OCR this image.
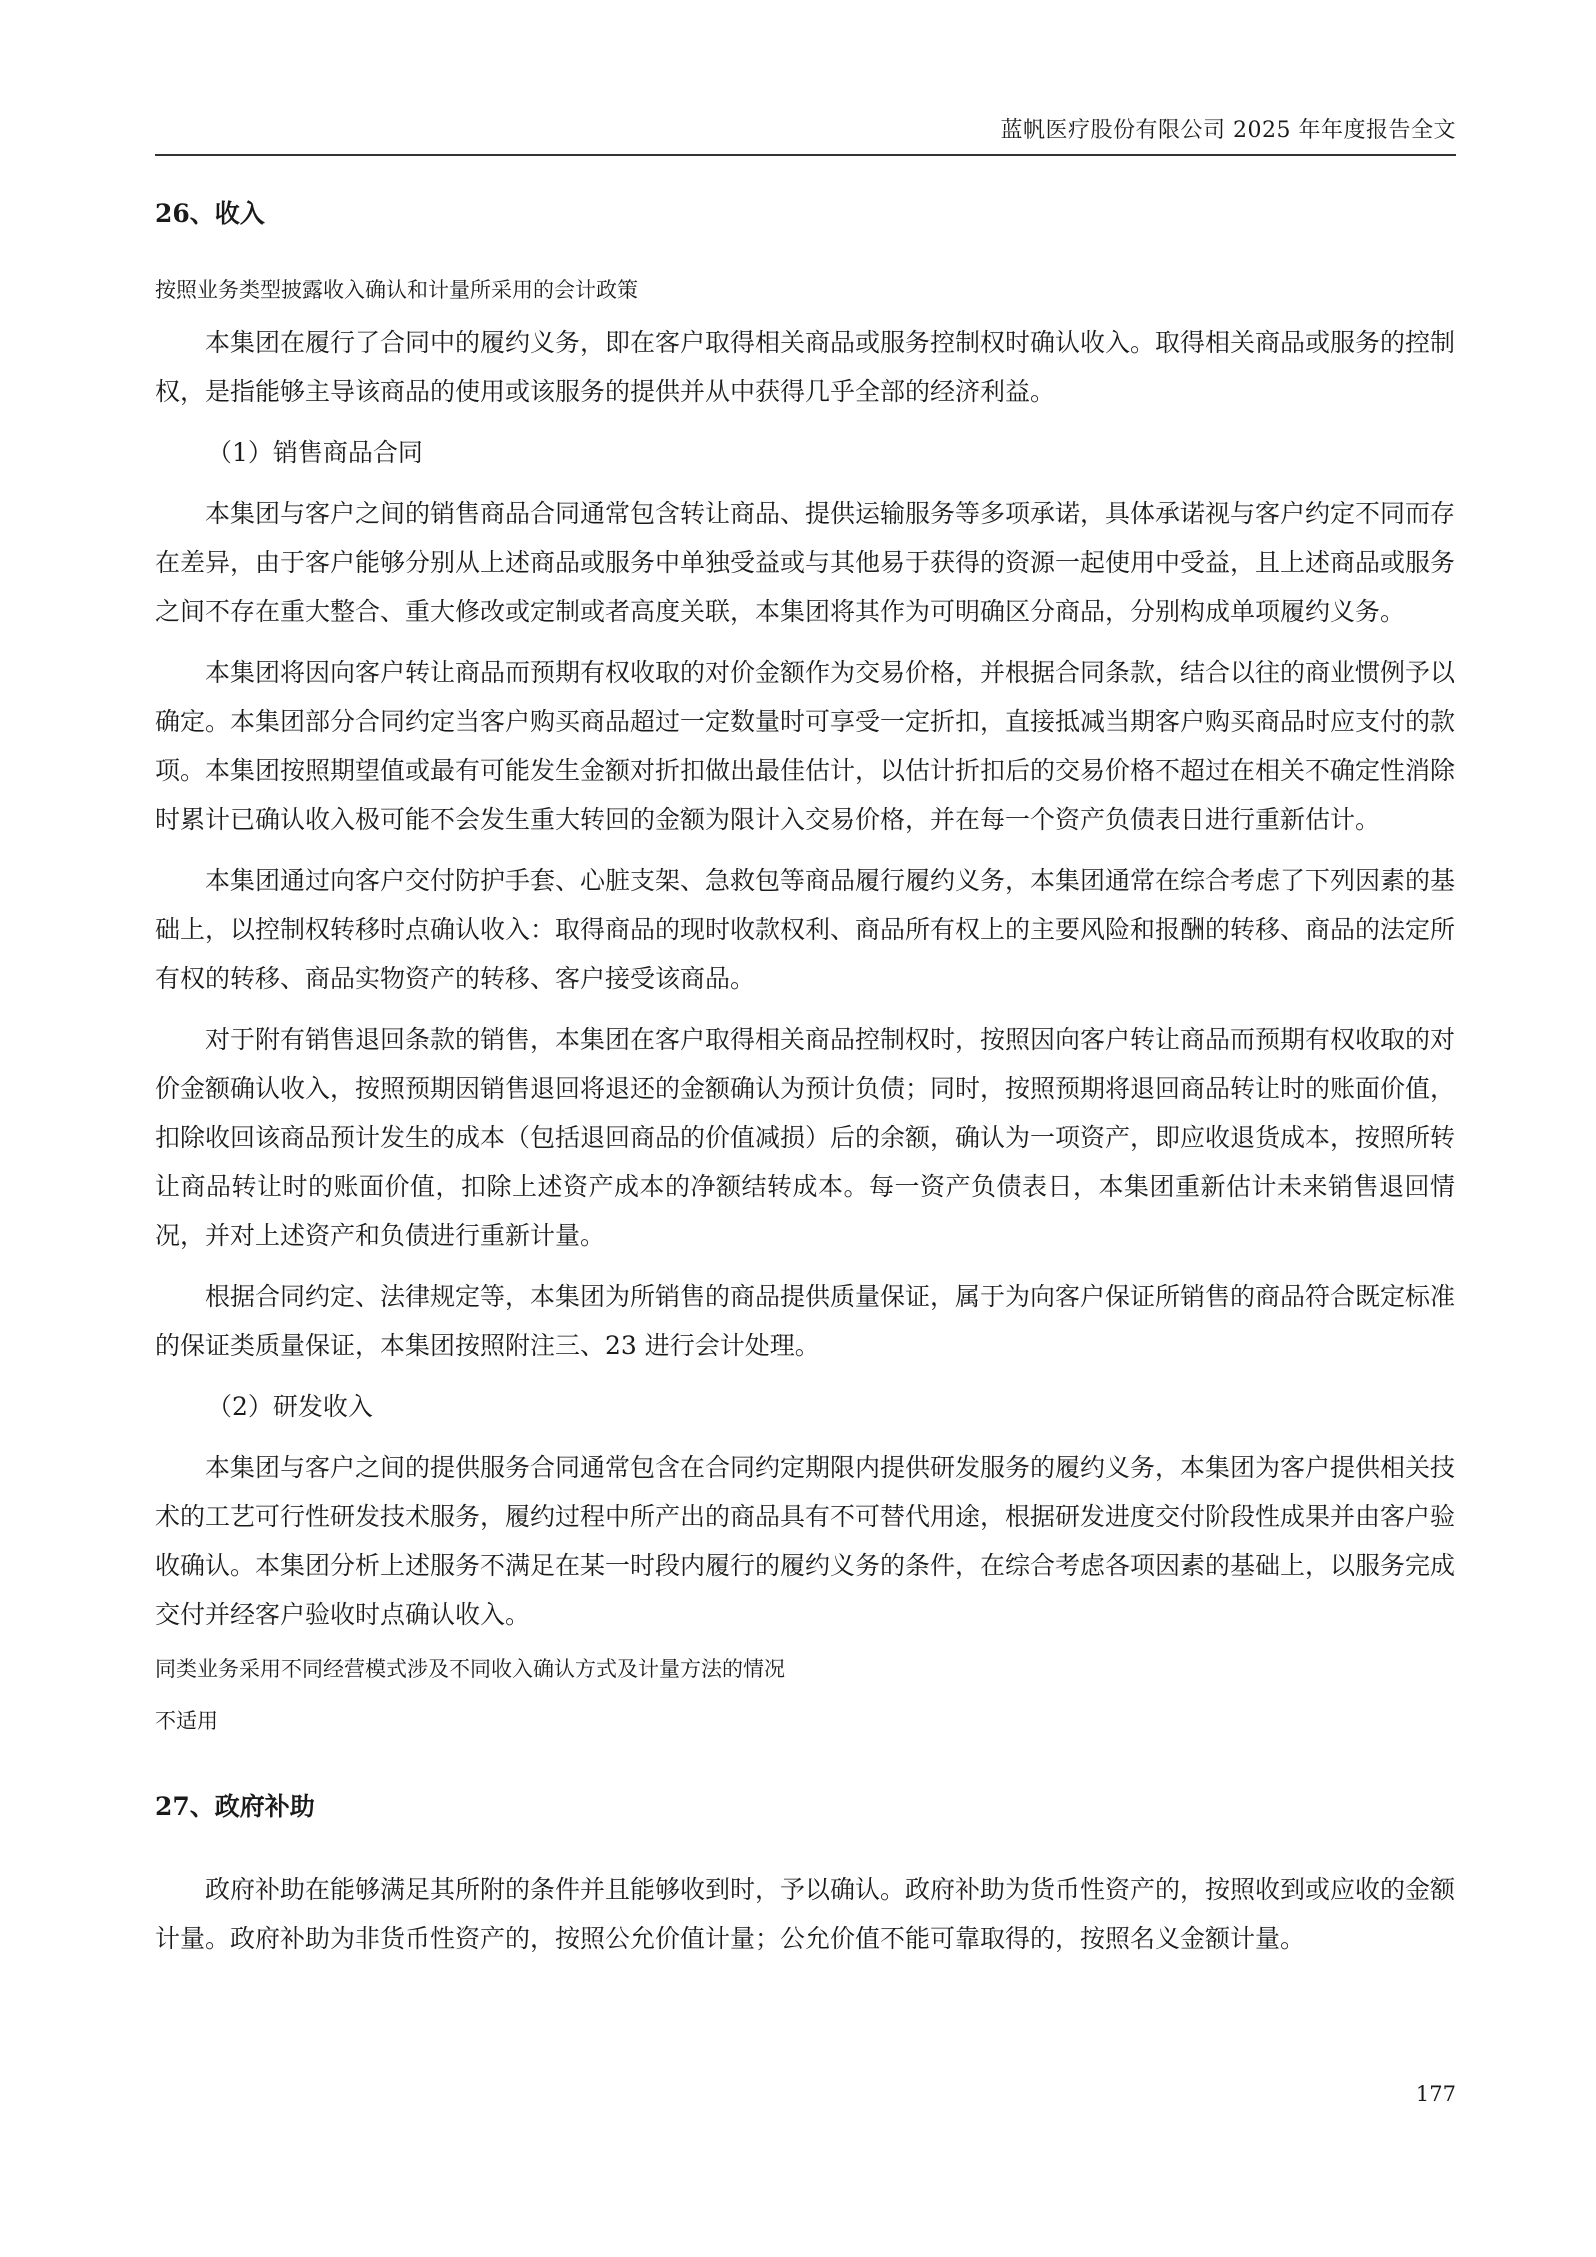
蓝帆医疗股份有限公司 2025 年年度报告全文
26、收入
按照业务类型披露收入确认和计量所采用的会计政策

本集团在履行了合同中的履约义务，即在客户取得相关商品或服务控制权时确认收入。取得相关商品或服务的控制权，是指能够主导该商品的使用或该服务的提供并从中获得几乎全部的经济利益。

（1）销售商品合同

本集团与客户之间的销售商品合同通常包含转让商品、提供运输服务等多项承诺，具体承诺视与客户约定不同而存在差异，由于客户能够分别从上述商品或服务中单独受益或与其他易于获得的资源一起使用中受益，且上述商品或服务之间不存在重大整合、重大修改或定制或者高度关联，本集团将其作为可明确区分商品，分别构成单项履约义务。

本集团将因向客户转让商品而预期有权收取的对价金额作为交易价格，并根据合同条款，结合以往的商业惯例予以确定。本集团部分合同约定当客户购买商品超过一定数量时可享受一定折扣，直接抵减当期客户购买商品时应支付的款项。本集团按照期望值或最有可能发生金额对折扣做出最佳估计，以估计折扣后的交易价格不超过在相关不确定性消除时累计已确认收入极可能不会发生重大转回的金额为限计入交易价格，并在每一个资产负债表日进行重新估计。

本集团通过向客户交付防护手套、心脏支架、急救包等商品履行履约义务，本集团通常在综合考虑了下列因素的基础上，以控制权转移时点确认收入：取得商品的现时收款权利、商品所有权上的主要风险和报酬的转移、商品的法定所有权的转移、商品实物资产的转移、客户接受该商品。

对于附有销售退回条款的销售，本集团在客户取得相关商品控制权时，按照因向客户转让商品而预期有权收取的对价金额确认收入，按照预期因销售退回将退还的金额确认为预计负债；同时，按照预期将退回商品转让时的账面价值，扣除收回该商品预计发生的成本（包括退回商品的价值减损）后的余额，确认为一项资产，即应收退货成本，按照所转让商品转让时的账面价值，扣除上述资产成本的净额结转成本。每一资产负债表日，本集团重新估计未来销售退回情况，并对上述资产和负债进行重新计量。

根据合同约定、法律规定等，本集团为所销售的商品提供质量保证，属于为向客户保证所销售的商品符合既定标准的保证类质量保证，本集团按照附注三、23 进行会计处理。

（2）研发收入

本集团与客户之间的提供服务合同通常包含在合同约定期限内提供研发服务的履约义务，本集团为客户提供相关技术的工艺可行性研发技术服务，履约过程中所产出的商品具有不可替代用途，根据研发进度交付阶段性成果并由客户验收确认。本集团分析上述服务不满足在某一时段内履行的履约义务的条件，在综合考虑各项因素的基础上，以服务完成交付并经客户验收时点确认收入。

同类业务采用不同经营模式涉及不同收入确认方式及计量方法的情况
不适用
27、政府补助

政府补助在能够满足其所附的条件并且能够收到时，予以确认。政府补助为货币性资产的，按照收到或应收的金额计量。政府补助为非货币性资产的，按照公允价值计量；公允价值不能可靠取得的，按照名义金额计量。

177
